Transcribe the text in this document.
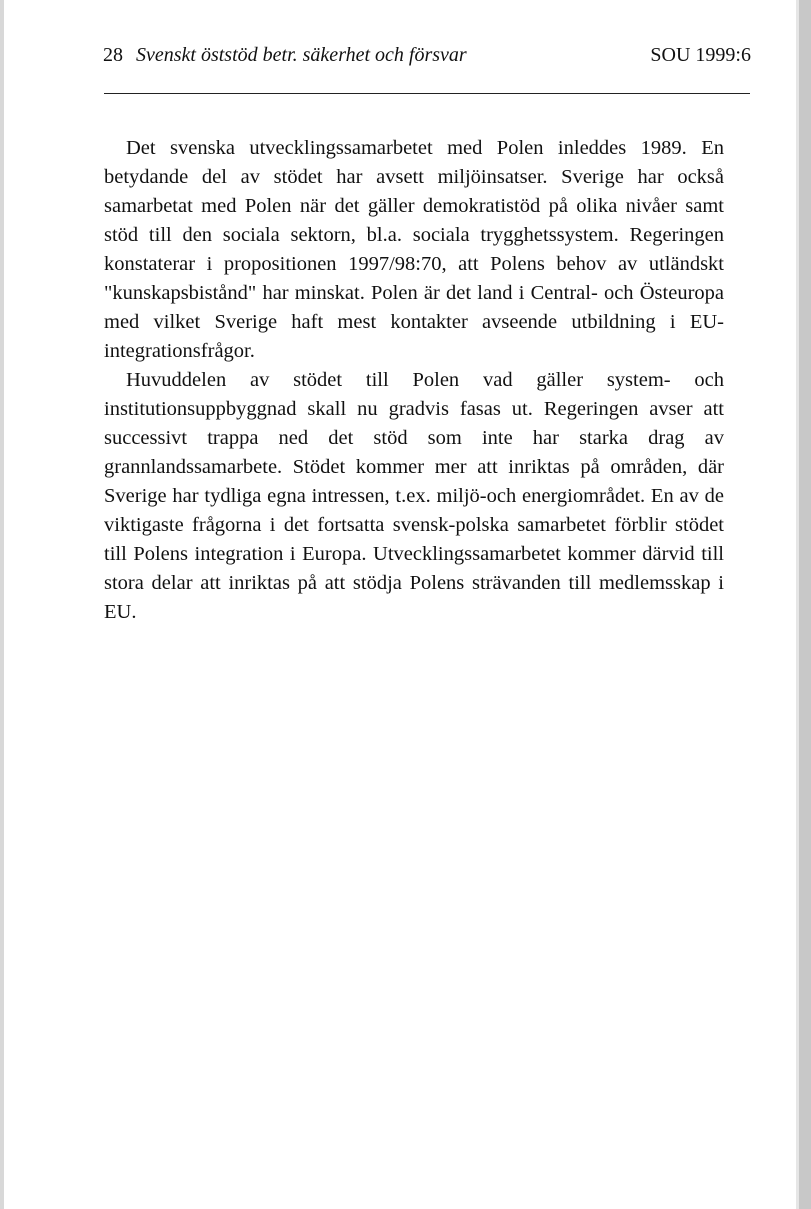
28 Svenskt öststöd betr. säkerhet och försvar	SOU 1999:6

Det svenska utvecklingssamarbetet med Polen inleddes 1989. En betydande del av stödet har avsett miljöinsatser. Sverige har också samarbetat med Polen när det gäller demokratistöd på olika nivåer samt stöd till den sociala sektorn, bl.a. sociala trygghetssystem. Regeringen konstaterar i propositionen 1997/98:70, att Polens behov av utländskt "kunskapsbistånd" har minskat. Polen är det land i Central- och Östeuropa med vilket Sverige haft mest kontakter avseende utbildning i EU-integrationsfrågor.

Huvuddelen av stödet till Polen vad gäller system- och institutionsuppbyggnad skall nu gradvis fasas ut. Regeringen avser att successivt trappa ned det stöd som inte har starka drag av grannlandssamarbete. Stödet kommer mer att inriktas på områden, där Sverige har tydliga egna intressen, t.ex. miljö-och energiområdet. En av de viktigaste frågorna i det fortsatta svensk-polska samarbetet förblir stödet till Polens integration i Europa. Utvecklingssamarbetet kommer därvid till stora delar att inriktas på att stödja Polens strävanden till medlemsskap i EU.
